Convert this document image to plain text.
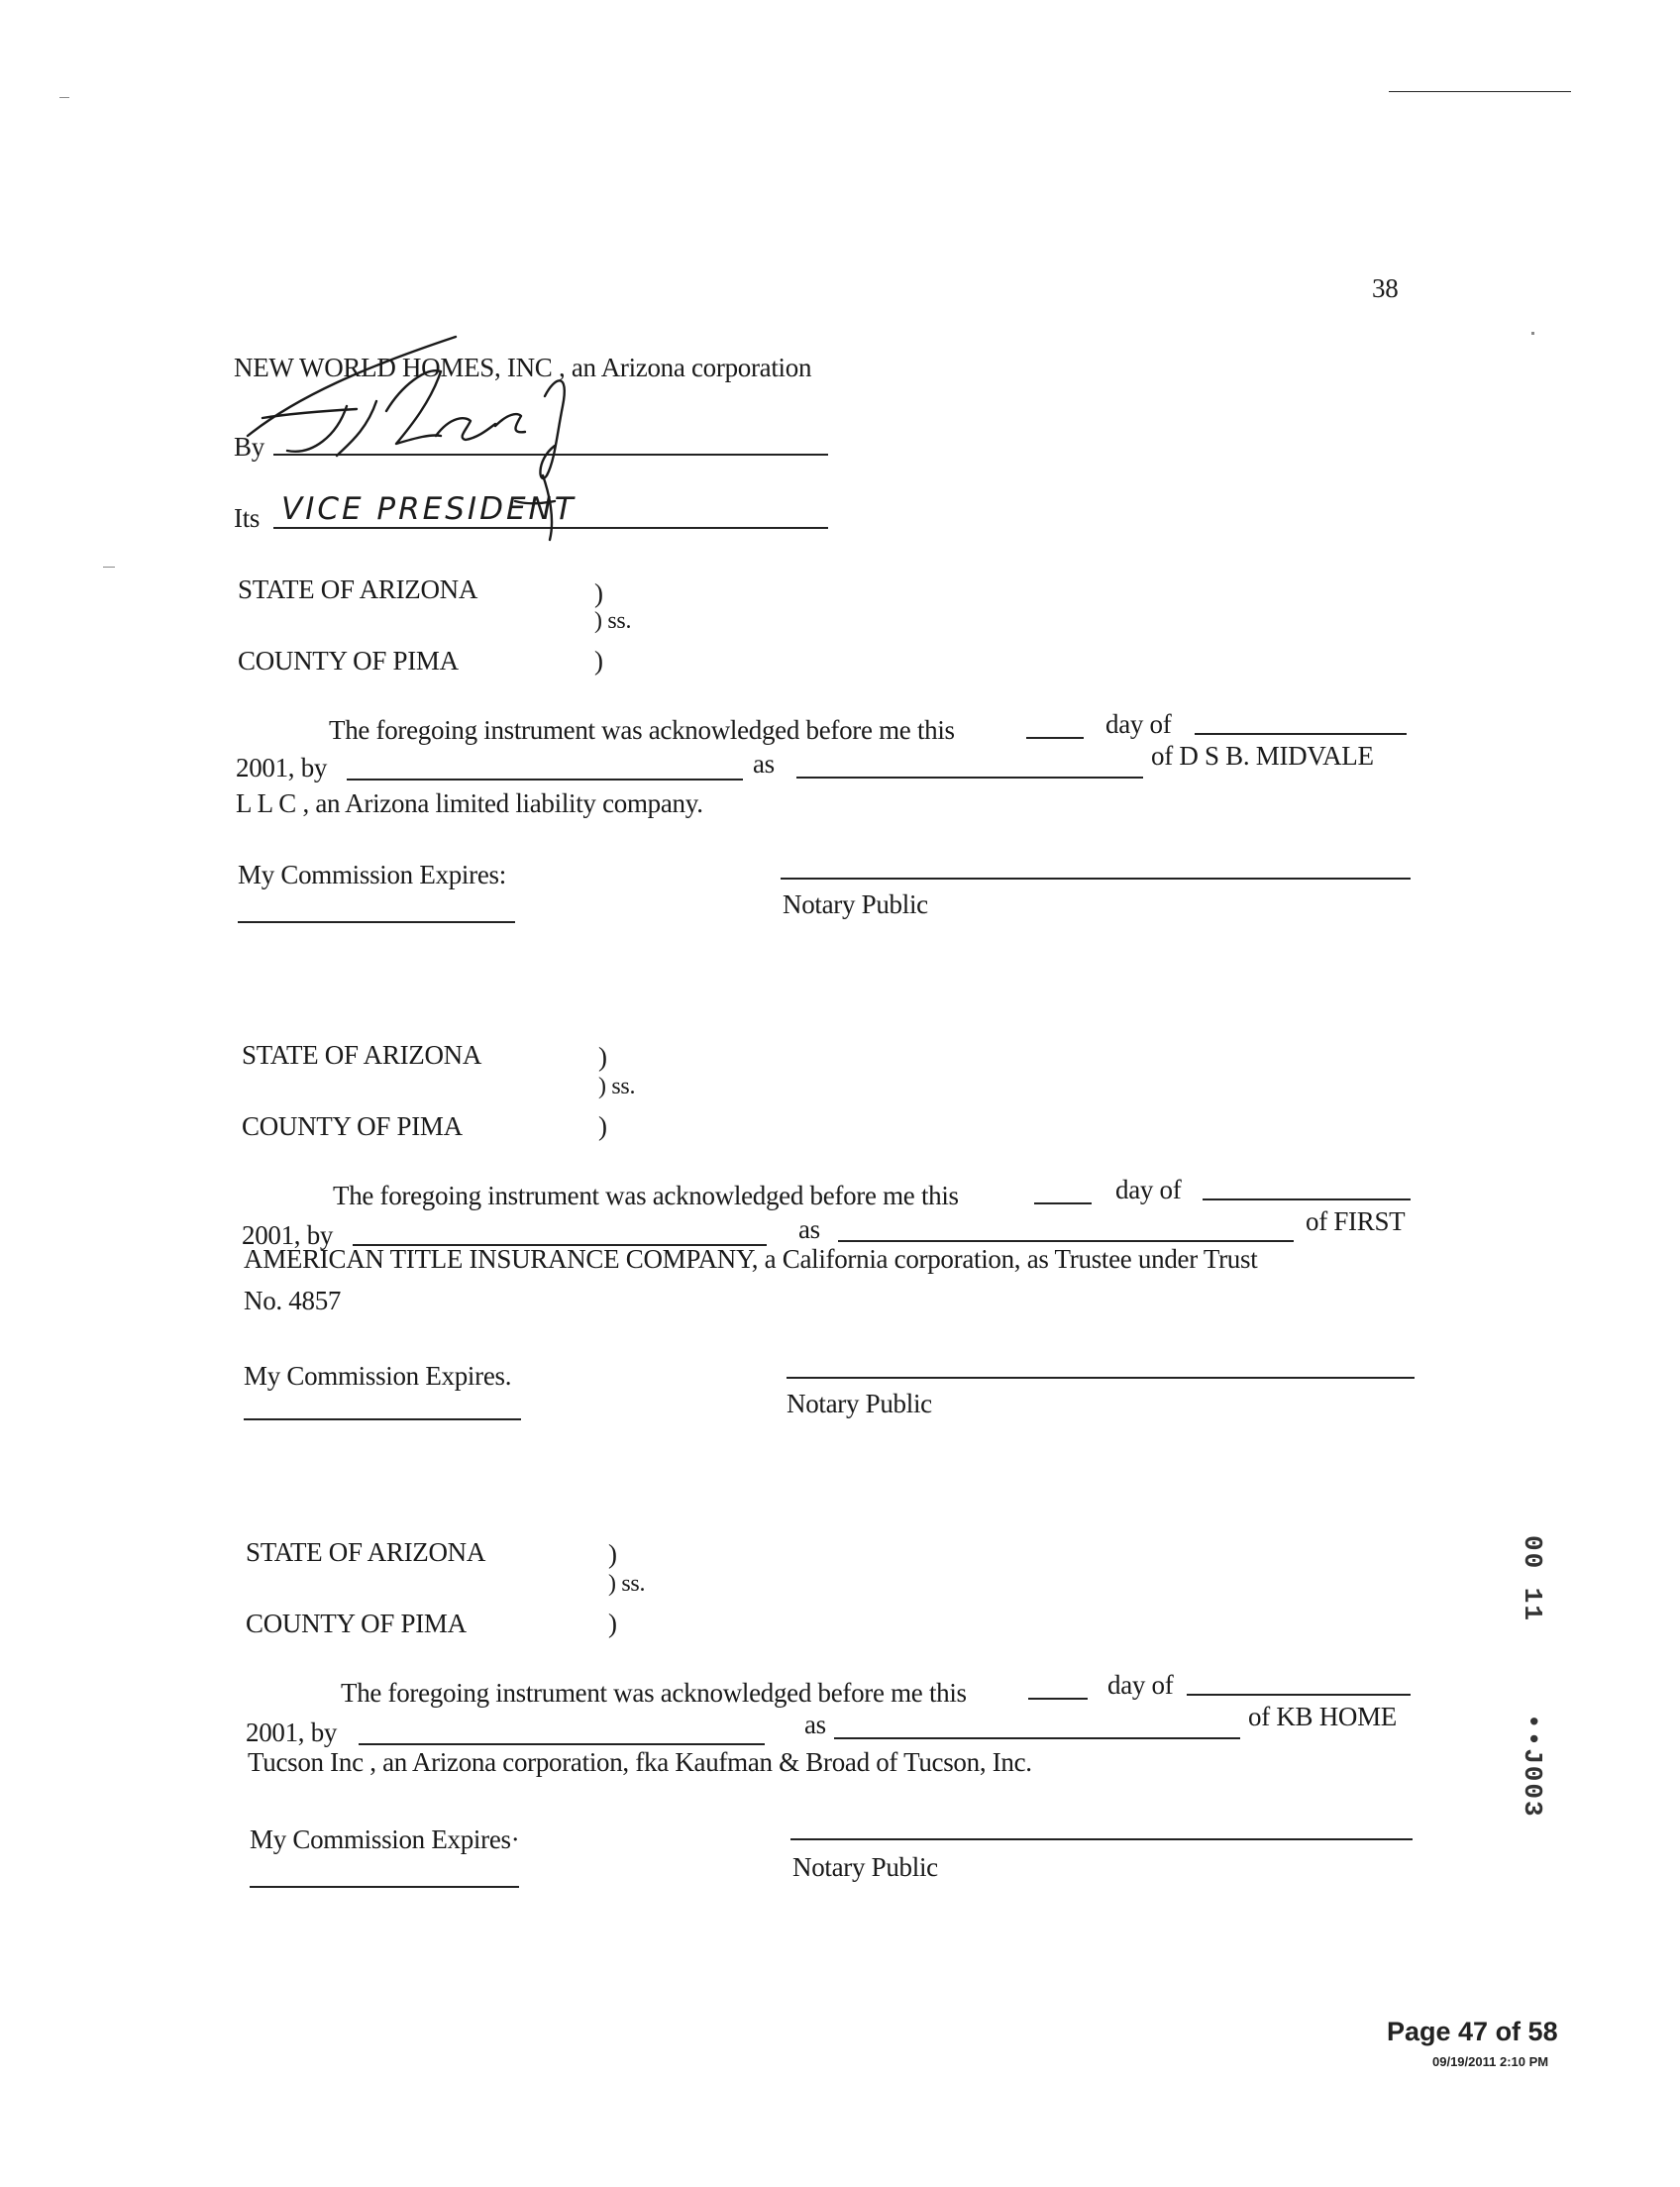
38
NEW WORLD HOMES, INC , an Arizona corporation
By
Its VICE PRESIDENT
STATE OF ARIZONA	)
) ss.
COUNTY OF PIMA	)
The foregoing instrument was acknowledged before me this	day of
2001, by	as	of D S B. MIDVALE
L L C , an Arizona limited liability company.
My Commission Expires:
Notary Public
STATE OF ARIZONA	)
) ss.
COUNTY OF PIMA	)
The foregoing instrument was acknowledged before me this	day of
2001, by	as	of FIRST
AMERICAN TITLE INSURANCE COMPANY, a California corporation, as Trustee under Trust
No. 4857
My Commission Expires.
Notary Public
STATE OF ARIZONA	)
) ss.
COUNTY OF PIMA	)
The foregoing instrument was acknowledged before me this	day of
2001, by	as	of KB HOME
Tucson Inc , an Arizona corporation, fka Kaufman & Broad of Tucson, Inc.
My Commission Expires·
Notary Public
00 11
••J003
Page 47 of 58
09/19/2011 2:10 PM
